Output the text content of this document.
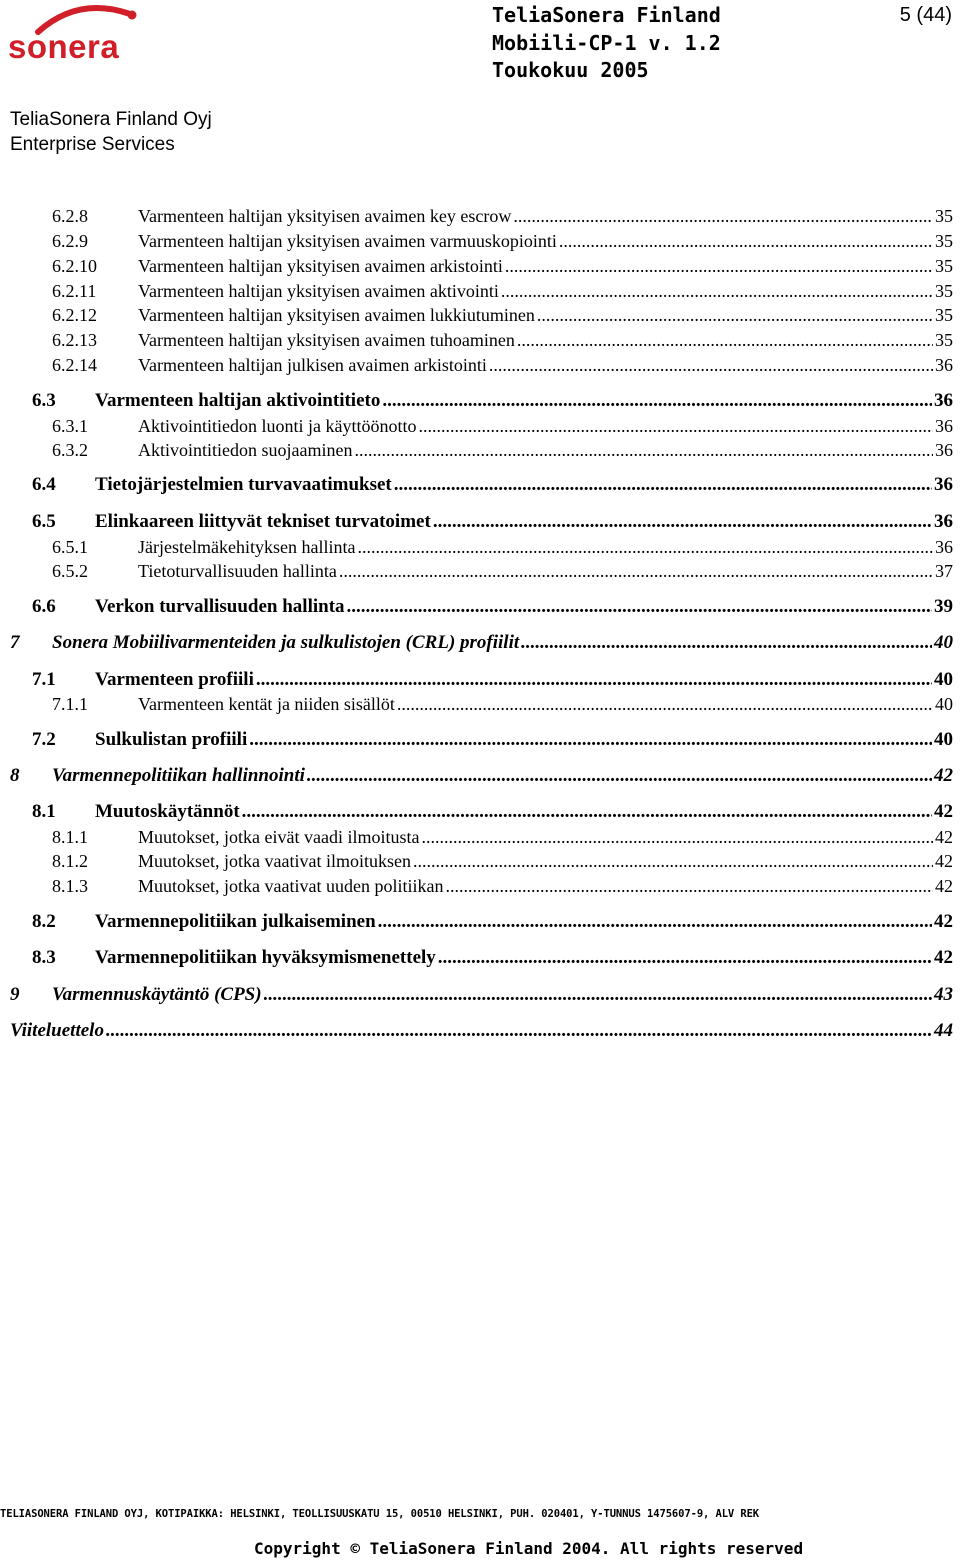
sonera
TeliaSonera Finland
Mobiili-CP-1 v. 1.2
Toukokuu 2005
5 (44)
TeliaSonera Finland Oyj
Enterprise Services
6.2.8	Varmenteen haltijan yksityisen avaimen key escrow .....	35
6.2.9	Varmenteen haltijan yksityisen avaimen varmuuskopiointi .....	35
6.2.10	Varmenteen haltijan yksityisen avaimen arkistointi .....	35
6.2.11	Varmenteen haltijan yksityisen avaimen aktivointi .....	35
6.2.12	Varmenteen haltijan yksityisen avaimen lukkiutuminen .....	35
6.2.13	Varmenteen haltijan yksityisen avaimen tuhoaminen .....	35
6.2.14	Varmenteen haltijan julkisen avaimen arkistointi .....	36
6.3	Varmenteen haltijan aktivointitieto .....	36
6.3.1	Aktivointitiedon luonti ja käyttöönotto .....	36
6.3.2	Aktivointitiedon suojaaminen .....	36
6.4	Tietojärjestelmien turvavaatimukset .....	36
6.5	Elinkaareen liittyvät tekniset turvatoimet .....	36
6.5.1	Järjestelmäkehityksen hallinta .....	36
6.5.2	Tietoturvallisuuden hallinta .....	37
6.6	Verkon turvallisuuden hallinta .....	39
7	Sonera Mobiilivarmenteiden ja sulkulistojen (CRL) profiilit .....	40
7.1	Varmenteen profiili .....	40
7.1.1	Varmenteen kentät ja niiden sisällöt .....	40
7.2	Sulkulistan profiili .....	40
8	Varmennepolitiikan hallinnointi .....	42
8.1	Muutoskäytännöt .....	42
8.1.1	Muutokset, jotka eivät vaadi ilmoitusta .....	42
8.1.2	Muutokset, jotka vaativat ilmoituksen .....	42
8.1.3	Muutokset, jotka vaativat uuden politiikan .....	42
8.2	Varmennepolitiikan julkaiseminen .....	42
8.3	Varmennepolitiikan hyväksymismenettely .....	42
9	Varmennuskäytäntö (CPS) .....	43
Viiteluettelo .....	44
TELIASONERA FINLAND OYJ, KOTIPAIKKA: HELSINKI, TEOLLISUUSKATU 15, 00510 HELSINKI, PUH. 020401, Y-TUNNUS 1475607-9, ALV REK
Copyright © TeliaSonera Finland 2004. All rights reserved
